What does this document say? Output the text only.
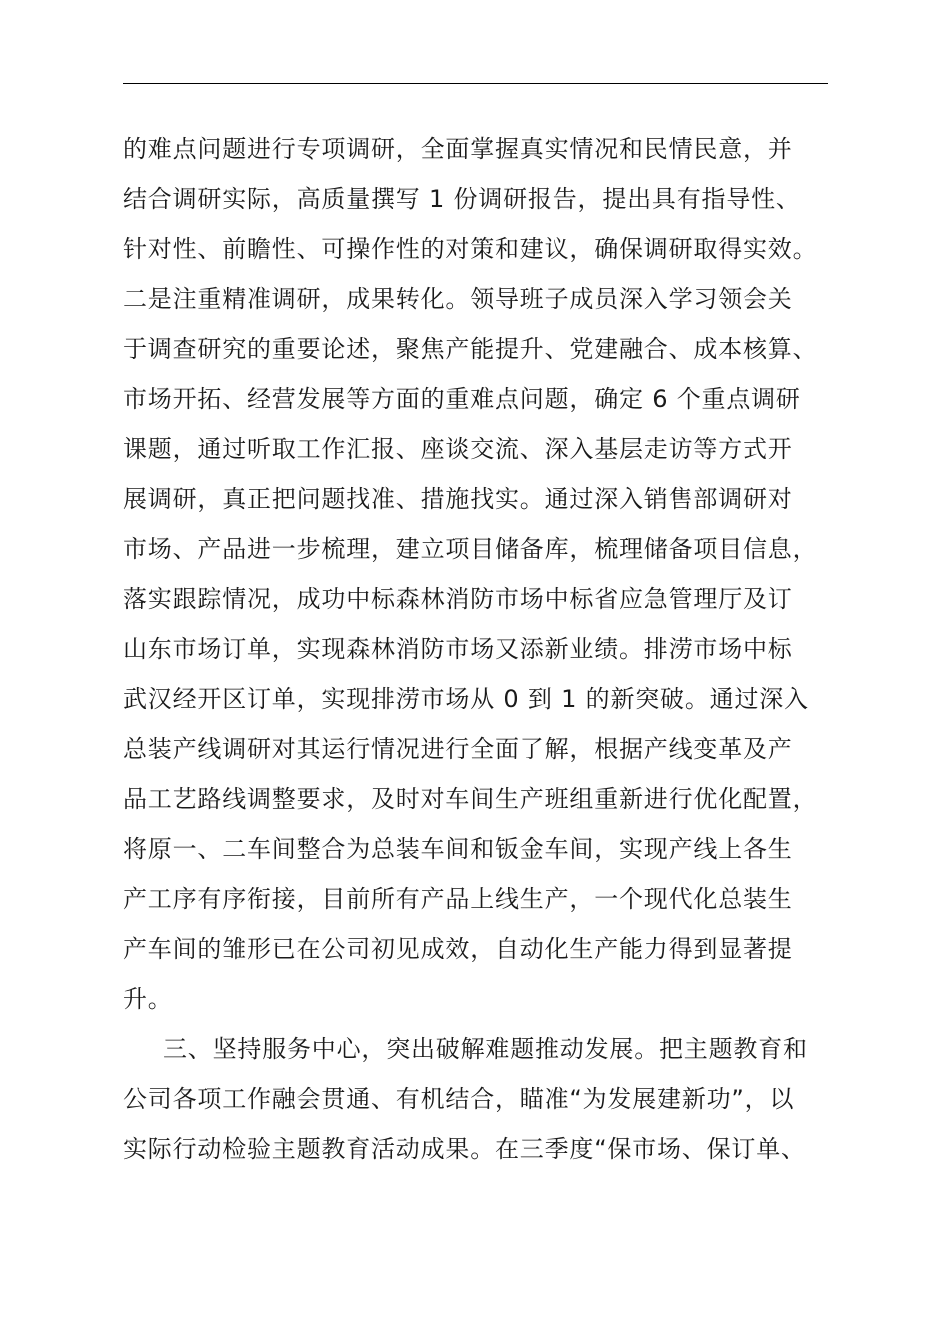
的难点问题进行专项调研，全面掌握真实情况和民情民意，并
结合调研实际，高质量撰写 1 份调研报告，提出具有指导性、
针对性、前瞻性、可操作性的对策和建议，确保调研取得实效。
二是注重精准调研，成果转化。领导班子成员深入学习领会关
于调查研究的重要论述，聚焦产能提升、党建融合、成本核算、
市场开拓、经营发展等方面的重难点问题，确定 6 个重点调研
课题，通过听取工作汇报、座谈交流、深入基层走访等方式开
展调研，真正把问题找准、措施找实。通过深入销售部调研对
市场、产品进一步梳理，建立项目储备库，梳理储备项目信息，
落实跟踪情况，成功中标森林消防市场中标省应急管理厅及订
山东市场订单，实现森林消防市场又添新业绩。排涝市场中标
武汉经开区订单，实现排涝市场从 0 到 1 的新突破。通过深入
总装产线调研对其运行情况进行全面了解，根据产线变革及产
品工艺路线调整要求，及时对车间生产班组重新进行优化配置，
将原一、二车间整合为总装车间和钣金车间，实现产线上各生
产工序有序衔接，目前所有产品上线生产，一个现代化总装生
产车间的雏形已在公司初见成效，自动化生产能力得到显著提
升。
三、坚持服务中心，突出破解难题推动发展。把主题教育和
公司各项工作融会贯通、有机结合，瞄准“为发展建新功”，以
实际行动检验主题教育活动成果。在三季度“保市场、保订单、
